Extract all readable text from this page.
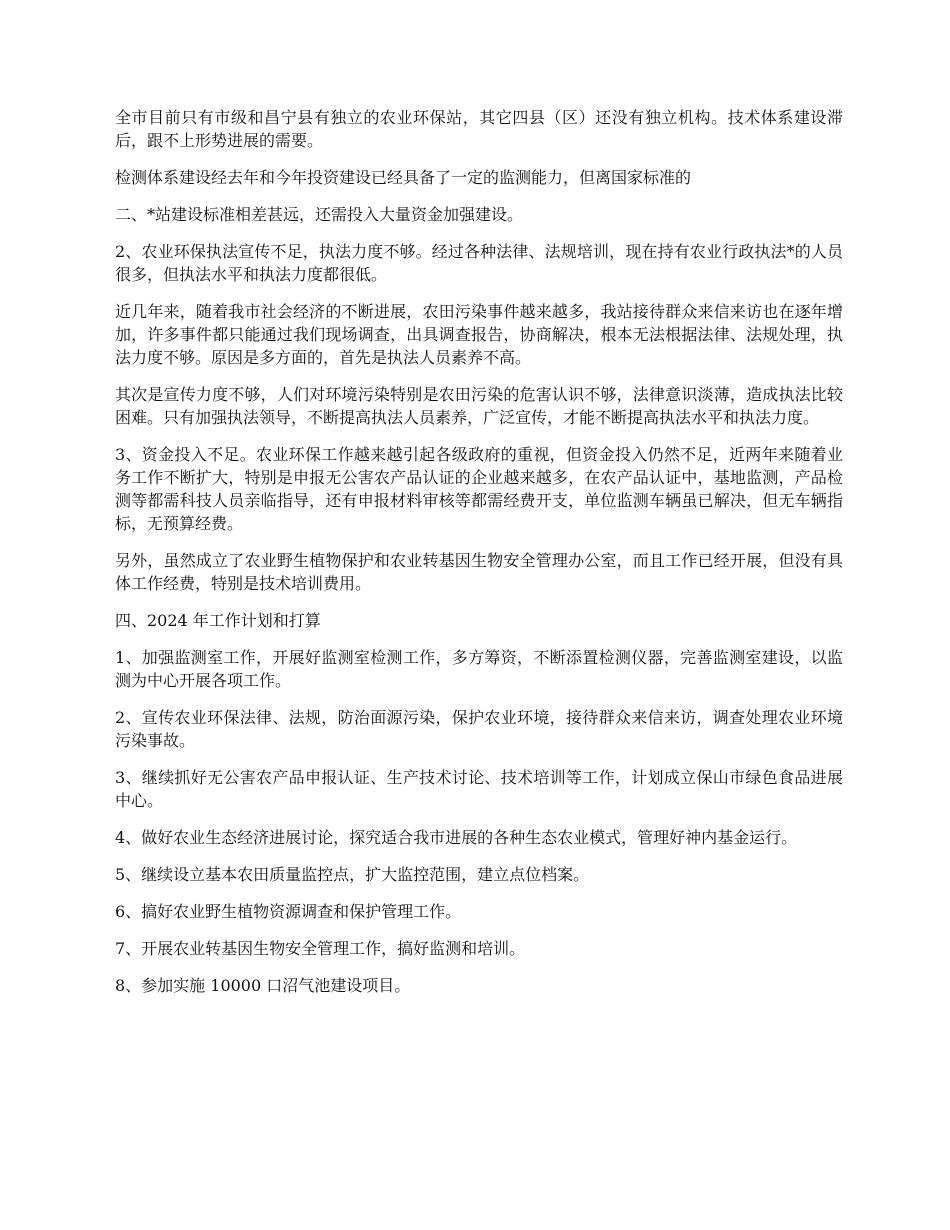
全市目前只有市级和昌宁县有独立的农业环保站，其它四县（区）还没有独立机构。技术体系建设滞后，跟不上形势进展的需要。

检测体系建设经去年和今年投资建设已经具备了一定的监测能力，但离国家标准的

二、*站建设标准相差甚远，还需投入大量资金加强建设。

2、农业环保执法宣传不足，执法力度不够。经过各种法律、法规培训，现在持有农业行政执法*的人员很多，但执法水平和执法力度都很低。

近几年来，随着我市社会经济的不断进展，农田污染事件越来越多，我站接待群众来信来访也在逐年增加，许多事件都只能通过我们现场调查，出具调查报告，协商解决，根本无法根据法律、法规处理，执法力度不够。原因是多方面的，首先是执法人员素养不高。

其次是宣传力度不够，人们对环境污染特别是农田污染的危害认识不够，法律意识淡薄，造成执法比较困难。只有加强执法领导，不断提高执法人员素养，广泛宣传，才能不断提高执法水平和执法力度。

3、资金投入不足。农业环保工作越来越引起各级政府的重视，但资金投入仍然不足，近两年来随着业务工作不断扩大，特别是申报无公害农产品认证的企业越来越多，在农产品认证中，基地监测，产品检测等都需科技人员亲临指导，还有申报材料审核等都需经费开支，单位监测车辆虽已解决，但无车辆指标，无预算经费。

另外，虽然成立了农业野生植物保护和农业转基因生物安全管理办公室，而且工作已经开展，但没有具体工作经费，特别是技术培训费用。

四、2024 年工作计划和打算

1、加强监测室工作，开展好监测室检测工作，多方筹资，不断添置检测仪器，完善监测室建设，以监测为中心开展各项工作。

2、宣传农业环保法律、法规，防治面源污染，保护农业环境，接待群众来信来访，调查处理农业环境污染事故。

3、继续抓好无公害农产品申报认证、生产技术讨论、技术培训等工作，计划成立保山市绿色食品进展中心。

4、做好农业生态经济进展讨论，探究适合我市进展的各种生态农业模式，管理好神内基金运行。

5、继续设立基本农田质量监控点，扩大监控范围，建立点位档案。

6、搞好农业野生植物资源调查和保护管理工作。

7、开展农业转基因生物安全管理工作，搞好监测和培训。

8、参加实施 10000 口沼气池建设项目。
